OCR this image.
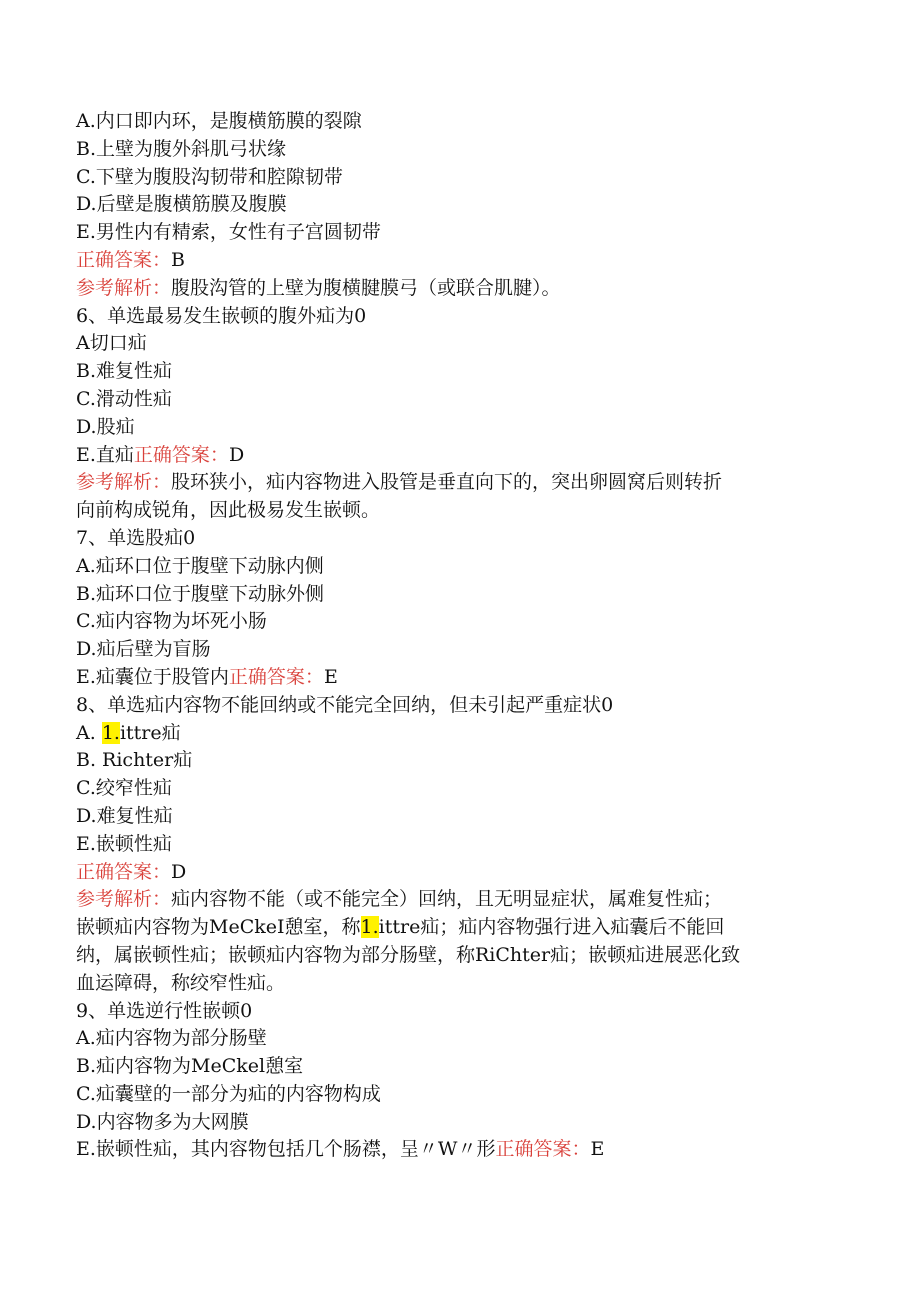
A.内口即内环，是腹横筋膜的裂隙
B.上壁为腹外斜肌弓状缘
C.下壁为腹股沟韧带和腔隙韧带
D.后壁是腹横筋膜及腹膜
E.男性内有精索，女性有子宫圆韧带
正确答案：B
参考解析：腹股沟管的上壁为腹横腱膜弓（或联合肌腱）。
6、单选最易发生嵌顿的腹外疝为0
A切口疝
B.难复性疝
C.滑动性疝
D.股疝
E.直疝正确答案：D
参考解析：股环狭小，疝内容物进入股管是垂直向下的，突出卵圆窝后则转折
向前构成锐角，因此极易发生嵌顿。
7、单选股疝0
A.疝环口位于腹壁下动脉内侧
B.疝环口位于腹壁下动脉外侧
C.疝内容物为坏死小肠
D.疝后壁为盲肠
E.疝囊位于股管内正确答案：E
8、单选疝内容物不能回纳或不能完全回纳，但未引起严重症状0
A. 1.ittre疝
B. Richter疝
C.绞窄性疝
D.难复性疝
E.嵌顿性疝
正确答案：D
参考解析：疝内容物不能（或不能完全）回纳，且无明显症状，属难复性疝；
嵌顿疝内容物为MeCkeI憩室，称1.ittre疝；疝内容物强行进入疝囊后不能回
纳，属嵌顿性疝；嵌顿疝内容物为部分肠壁，称RiChter疝；嵌顿疝进展恶化致
血运障碍，称绞窄性疝。
9、单选逆行性嵌顿0
A.疝内容物为部分肠壁
B.疝内容物为MeCkel憩室
C.疝囊壁的一部分为疝的内容物构成
D.内容物多为大网膜
E.嵌顿性疝，其内容物包括几个肠襟，呈〃W〃形正确答案：E
